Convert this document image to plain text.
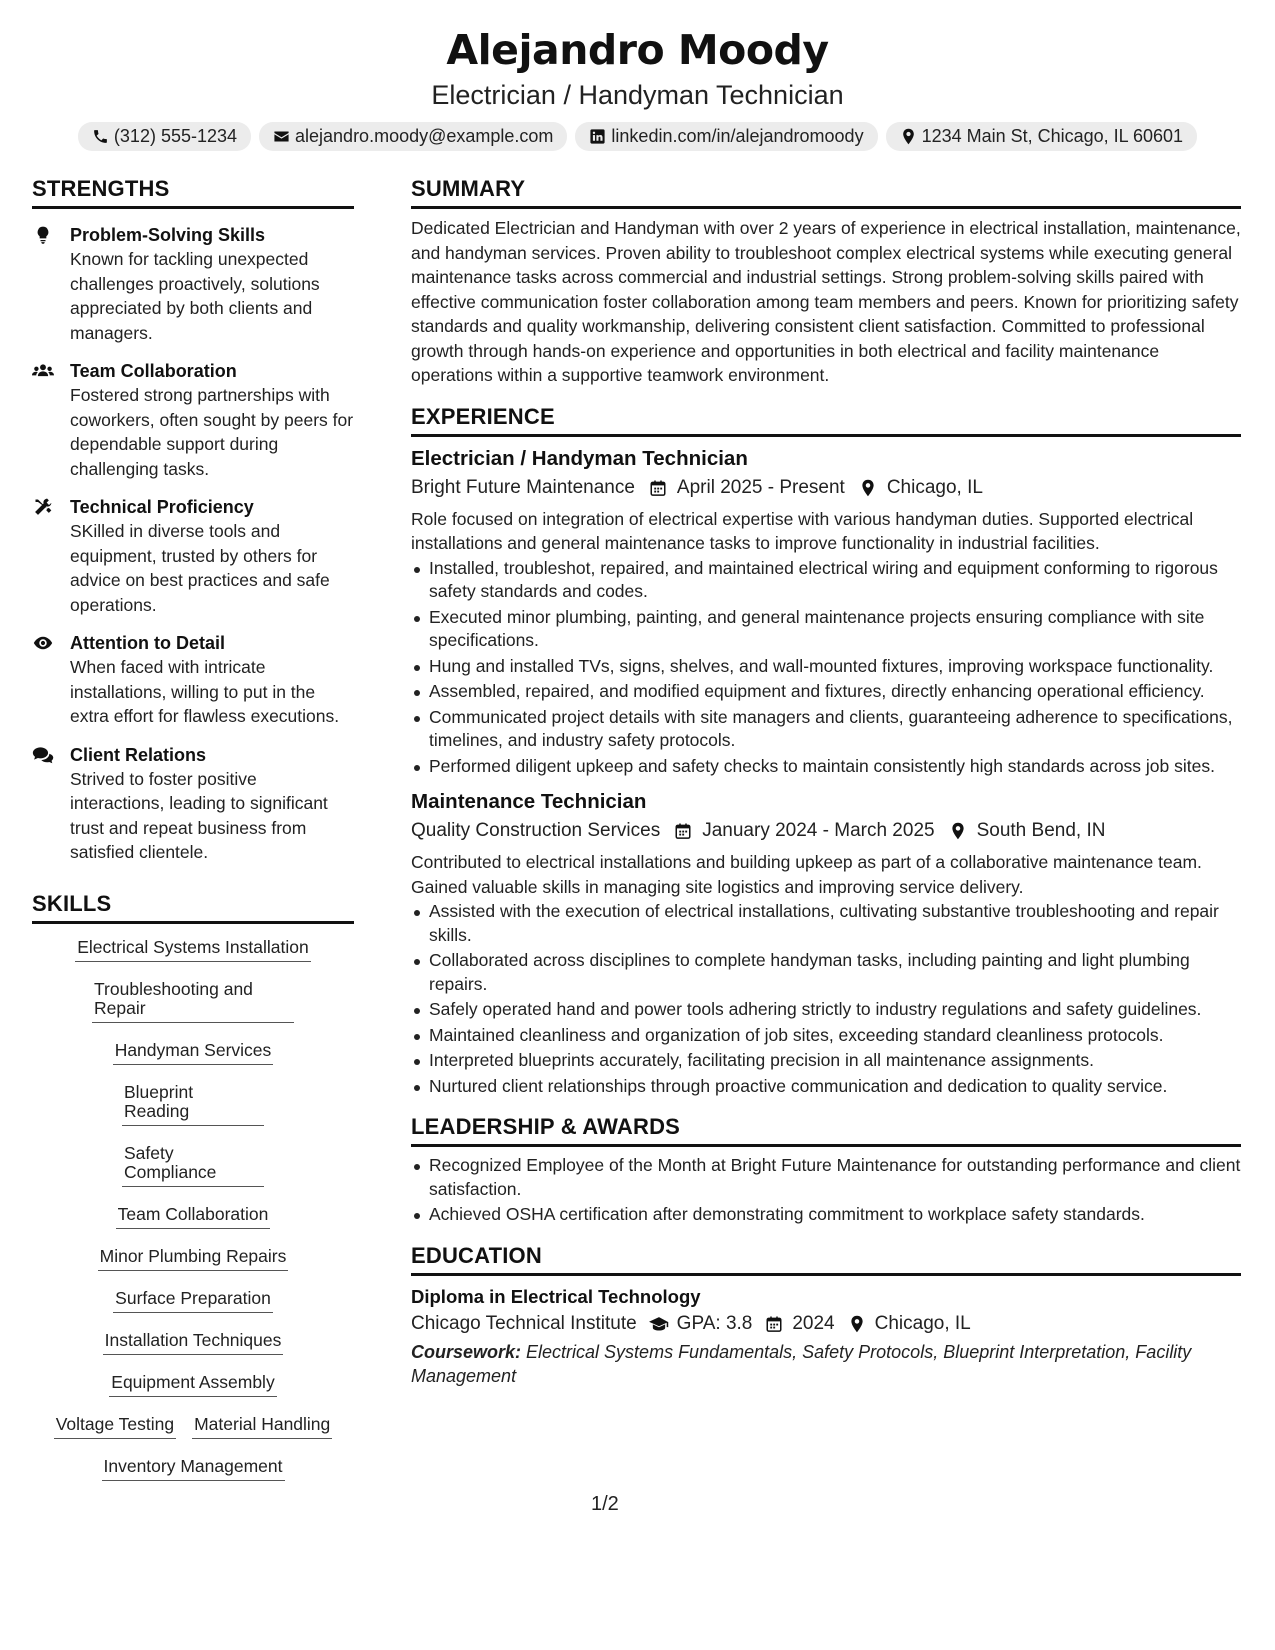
Alejandro Moody
Electrician / Handyman Technician
(312) 555-1234	alejandro.moody@example.com	linkedin.com/in/alejandromoody	1234 Main St, Chicago, IL 60601
STRENGTHS
Problem-Solving Skills
Known for tackling unexpected challenges proactively, solutions appreciated by both clients and managers.
Team Collaboration
Fostered strong partnerships with coworkers, often sought by peers for dependable support during challenging tasks.
Technical Proficiency
SKilled in diverse tools and equipment, trusted by others for advice on best practices and safe operations.
Attention to Detail
When faced with intricate installations, willing to put in the extra effort for flawless executions.
Client Relations
Strived to foster positive interactions, leading to significant trust and repeat business from satisfied clientele.
SKILLS
Electrical Systems Installation
Troubleshooting and Repair
Handyman Services
Blueprint Reading
Safety Compliance
Team Collaboration
Minor Plumbing Repairs
Surface Preparation
Installation Techniques
Equipment Assembly
Voltage Testing Material Handling
Inventory Management
SUMMARY
Dedicated Electrician and Handyman with over 2 years of experience in electrical installation, maintenance, and handyman services. Proven ability to troubleshoot complex electrical systems while executing general maintenance tasks across commercial and industrial settings. Strong problem-solving skills paired with effective communication foster collaboration among team members and peers. Known for prioritizing safety standards and quality workmanship, delivering consistent client satisfaction. Committed to professional growth through hands-on experience and opportunities in both electrical and facility maintenance operations within a supportive teamwork environment.
EXPERIENCE
Electrician / Handyman Technician
Bright Future Maintenance April 2025 - Present Chicago, IL
Role focused on integration of electrical expertise with various handyman duties. Supported electrical installations and general maintenance tasks to improve functionality in industrial facilities.
Installed, troubleshot, repaired, and maintained electrical wiring and equipment conforming to rigorous safety standards and codes.
Executed minor plumbing, painting, and general maintenance projects ensuring compliance with site specifications.
Hung and installed TVs, signs, shelves, and wall-mounted fixtures, improving workspace functionality.
Assembled, repaired, and modified equipment and fixtures, directly enhancing operational efficiency.
Communicated project details with site managers and clients, guaranteeing adherence to specifications, timelines, and industry safety protocols.
Performed diligent upkeep and safety checks to maintain consistently high standards across job sites.
Maintenance Technician
Quality Construction Services January 2024 - March 2025 South Bend, IN
Contributed to electrical installations and building upkeep as part of a collaborative maintenance team. Gained valuable skills in managing site logistics and improving service delivery.
Assisted with the execution of electrical installations, cultivating substantive troubleshooting and repair skills.
Collaborated across disciplines to complete handyman tasks, including painting and light plumbing repairs.
Safely operated hand and power tools adhering strictly to industry regulations and safety guidelines.
Maintained cleanliness and organization of job sites, exceeding standard cleanliness protocols.
Interpreted blueprints accurately, facilitating precision in all maintenance assignments.
Nurtured client relationships through proactive communication and dedication to quality service.
LEADERSHIP & AWARDS
Recognized Employee of the Month at Bright Future Maintenance for outstanding performance and client satisfaction.
Achieved OSHA certification after demonstrating commitment to workplace safety standards.
EDUCATION
Diploma in Electrical Technology
Chicago Technical Institute GPA: 3.8 2024 Chicago, IL
Coursework: Electrical Systems Fundamentals, Safety Protocols, Blueprint Interpretation, Facility Management
1/2
